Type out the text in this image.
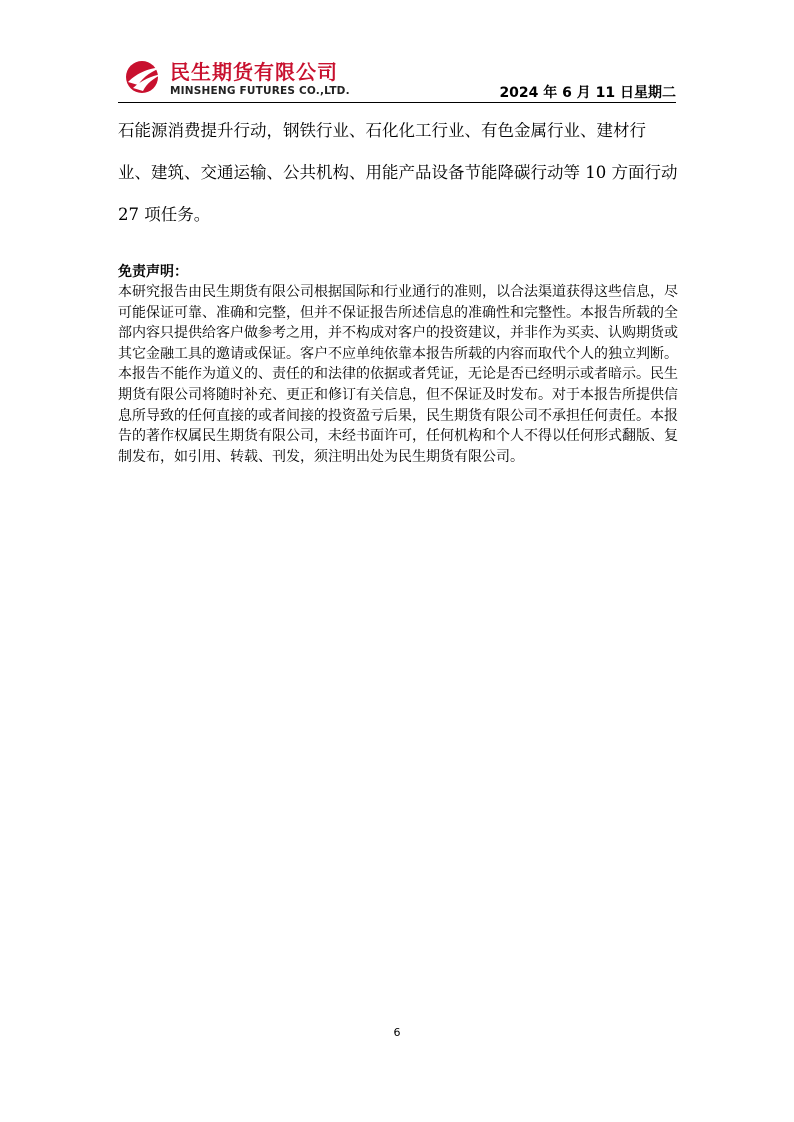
民生期货有限公司
MINSHENG FUTURES CO.,LTD.	2024 年 6 月 11 日星期二

石能源消费提升行动，钢铁行业、石化化工行业、有色金属行业、建材行业、建筑、交通运输、公共机构、用能产品设备节能降碳行动等 10 方面行动 27 项任务。

免责声明：

本研究报告由民生期货有限公司根据国际和行业通行的准则，以合法渠道获得这些信息，尽可能保证可靠、准确和完整，但并不保证报告所述信息的准确性和完整性。本报告所载的全部内容只提供给客户做参考之用，并不构成对客户的投资建议，并非作为买卖、认购期货或其它金融工具的邀请或保证。客户不应单纯依靠本报告所载的内容而取代个人的独立判断。本报告不能作为道义的、责任的和法律的依据或者凭证，无论是否已经明示或者暗示。民生期货有限公司将随时补充、更正和修订有关信息，但不保证及时发布。对于本报告所提供信息所导致的任何直接的或者间接的投资盈亏后果，民生期货有限公司不承担任何责任。本报告的著作权属民生期货有限公司，未经书面许可，任何机构和个人不得以任何形式翻版、复制发布，如引用、转载、刊发，须注明出处为民生期货有限公司。

6
